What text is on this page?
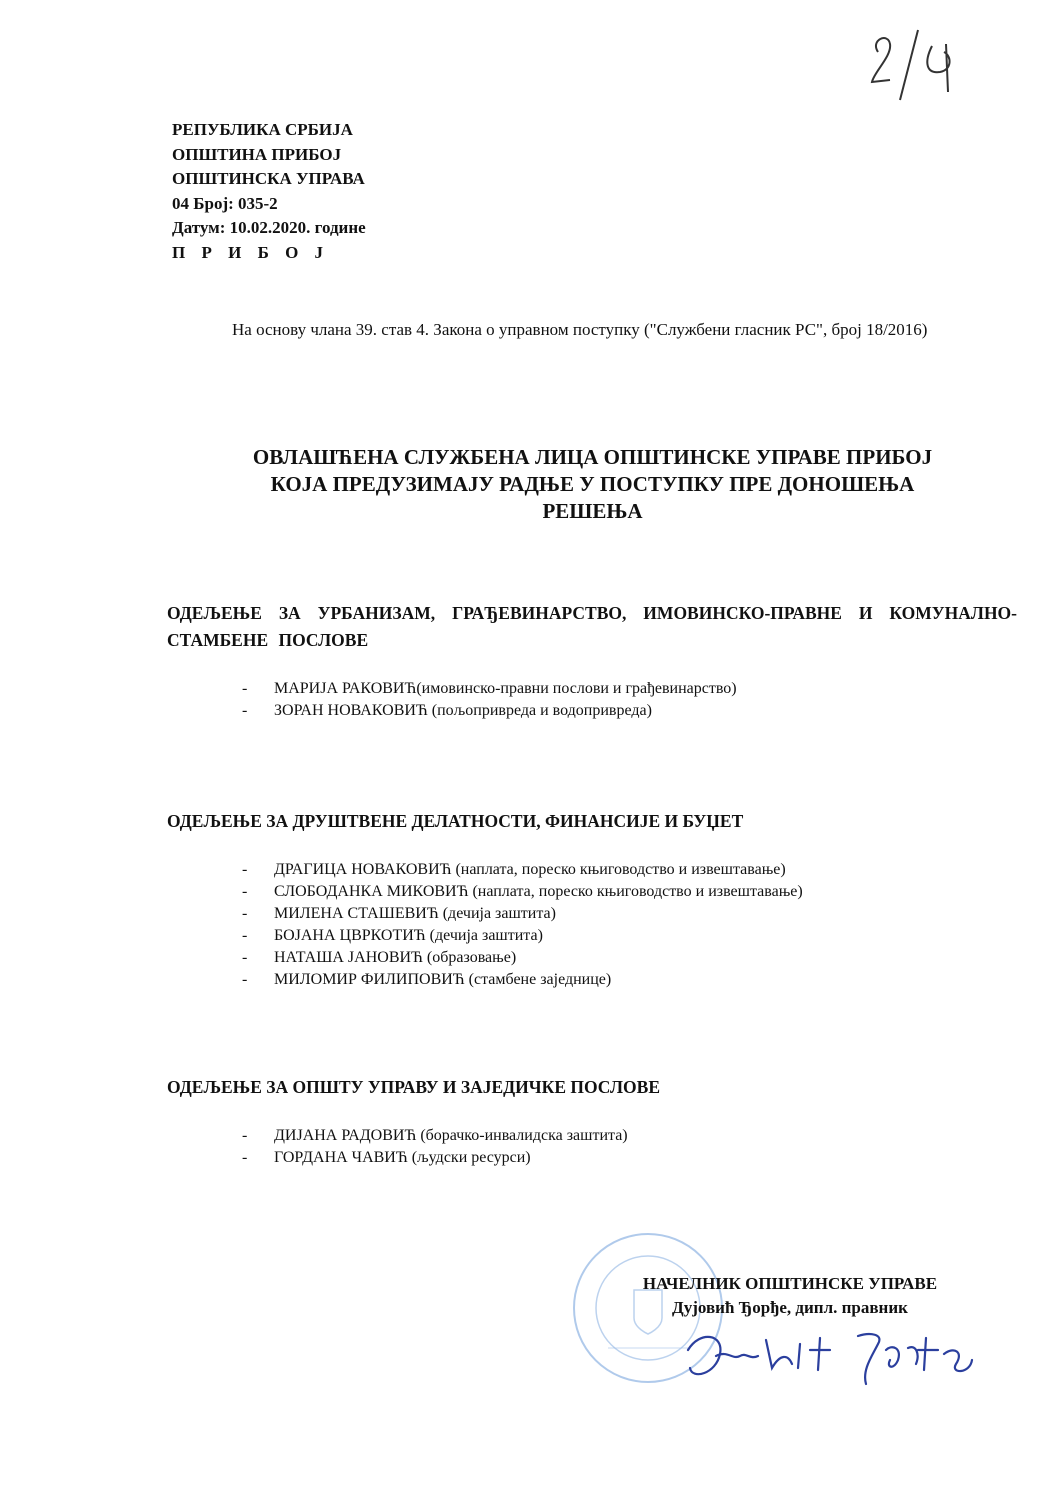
РЕПУБЛИКА СРБИЈА
ОПШТИНА ПРИБОЈ
ОПШТИНСКА УПРАВА
04 Број: 035-2
Датум: 10.02.2020. године
П Р И Б О Ј
На основу члана 39. став 4. Закона о управном поступку ("Службени гласник РС", број 18/2016)
ОВЛАШЋЕНА СЛУЖБЕНА ЛИЦА ОПШТИНСКЕ УПРАВЕ ПРИБОЈ
КОЈА ПРЕДУЗИМАЈУ РАДЊЕ У ПОСТУПКУ ПРЕ ДОНОШЕЊА
РЕШЕЊА
ОДЕЉЕЊЕ ЗА УРБАНИЗАМ, ГРАЂЕВИНАРСТВО, ИМОВИНСКО-ПРАВНЕ И КОМУНАЛНО-СТАМБЕНЕ ПОСЛОВЕ
- МАРИЈА РАКОВИЋ(имовинско-правни послови и грађевинарство)
- ЗОРАН НОВАКОВИЋ (пољопривреда и водопривреда)
ОДЕЉЕЊЕ ЗА ДРУШТВЕНЕ ДЕЛАТНОСТИ, ФИНАНСИЈЕ И БУЏЕТ
- ДРАГИЦА НОВАКОВИЋ (наплата, пореско књиговодство и извештавање)
- СЛОБОДАНКА МИКОВИЋ (наплата, пореско књиговодство и извештавање)
- МИЛЕНА СТАШЕВИЋ (дечија заштита)
- БОЈАНА ЦВРКОТИЋ (дечија заштита)
- НАТАША ЈАНОВИЋ (образовање)
- МИЛОМИР ФИЛИПОВИЋ (стамбене заједнице)
ОДЕЉЕЊЕ ЗА ОПШТУ УПРАВУ И ЗАЈЕДИЧКЕ ПОСЛОВЕ
- ДИЈАНА РАДОВИЋ (борачко-инвалидска заштита)
- ГОРДАНА ЧАВИЋ (људски ресурси)
НАЧЕЛНИК ОПШТИНСКЕ УПРАВЕ
Дујовић Ђорђе, дипл. правник
